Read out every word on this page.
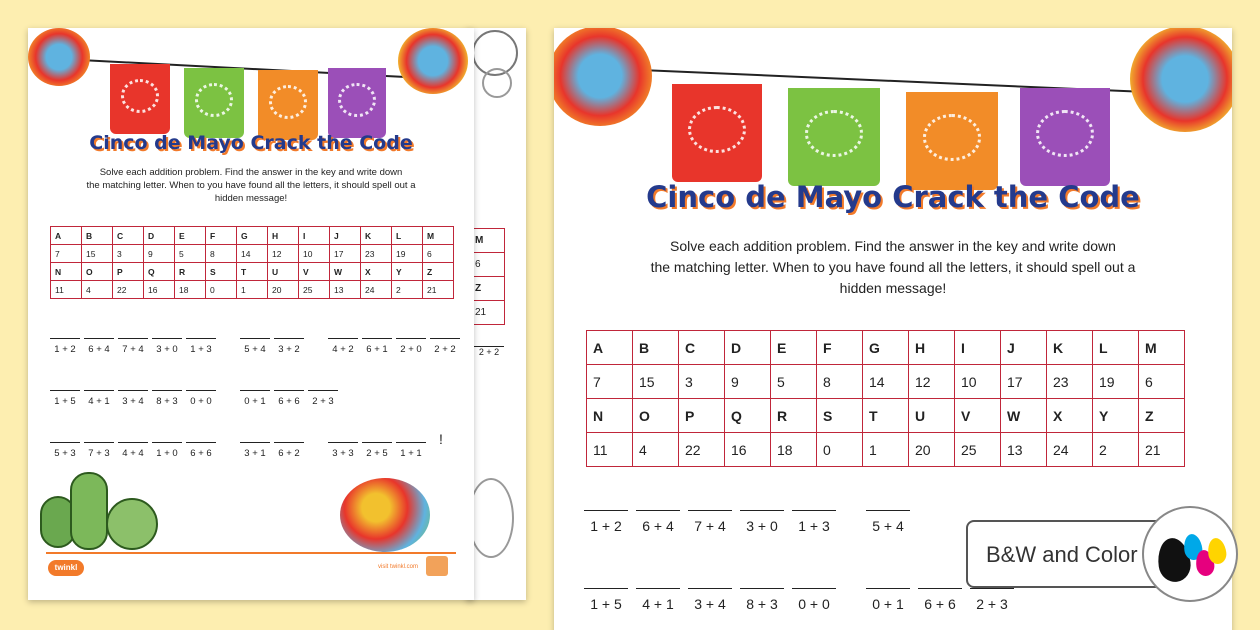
M
6
Z
21
2 + 2
Cinco de Mayo Crack the Code
Solve each addition problem. Find the answer in the key and write down
the matching letter. When to you have found all the letters, it should spell out a
hidden message!
A	B	C	D	E	F	G	H	I	J	K	L	M
7	15	3	9	5	8	14	12	10	17	23	19	6
N	O	P	Q	R	S	T	U	V	W	X	Y	Z
11	4	22	16	18	0	1	20	25	13	24	2	21
1 + 2	6 + 4	7 + 4	3 + 0	1 + 3	5 + 4	3 + 2	4 + 2	6 + 1	2 + 0	2 + 2
1 + 5	4 + 1	3 + 4	8 + 3	0 + 0	0 + 1	6 + 6	2 + 3
5 + 3	7 + 3	4 + 4	1 + 0	6 + 6	3 + 1	6 + 2	3 + 3	2 + 5	1 + 1
!
twinkl	visit twinkl.com
Cinco de Mayo Crack the Code
Solve each addition problem. Find the answer in the key and write down
the matching letter. When to you have found all the letters, it should spell out a
hidden message!
A	B	C	D	E	F	G	H	I	J	K	L	M
7	15	3	9	5	8	14	12	10	17	23	19	6
N	O	P	Q	R	S	T	U	V	W	X	Y	Z
11	4	22	16	18	0	1	20	25	13	24	2	21
1 + 2	6 + 4	7 + 4	3 + 0	1 + 3	5 + 4
1 + 5	4 + 1	3 + 4	8 + 3	0 + 0	0 + 1	6 + 6	2 + 3
B&W and Color
